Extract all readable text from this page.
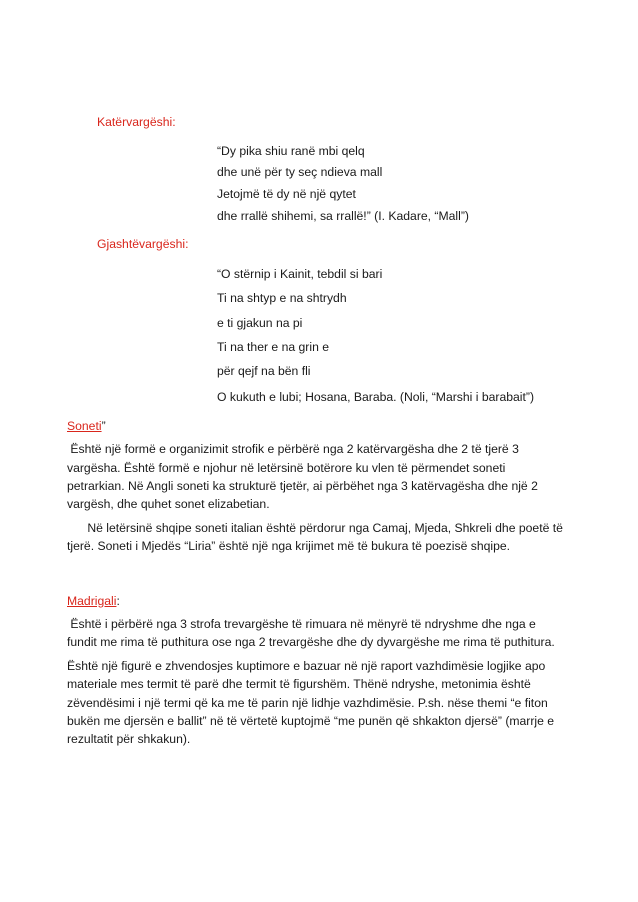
Katërvargëshi:
“Dy pika shiu ranë mbi qelq
dhe unë për ty seç ndieva mall
Jetojmë të dy në një qytet
dhe rrallë shihemi, sa rrallë!” (I. Kadare, “Mall”)
Gjashtëvargëshi:
“O stërnip i Kainit, tebdil si bari
Ti na shtyp e na shtrydh
e ti gjakun na pi
Ti na ther e na grin e
për qejf na bën fli
O kukuth e lubi; Hosana, Baraba. (Noli, “Marshi i barabait”)
Soneti”
Është një formë e organizimit strofik e përbërë nga 2 katërvargësha dhe 2 të tjerë 3
vargësha. Është formë e njohur në letërsinë botërore ku vlen të përmendet soneti
petrarkian. Në Angli soneti ka strukturë tjetër, ai përbëhet nga 3 katërvagësha dhe një 2
vargësh, dhe quhet sonet elizabetian.
Në letërsinë shqipe soneti italian është përdorur nga Camaj, Mjeda, Shkreli dhe poetë të
tjerë. Soneti i Mjedës “Liria” është një nga krijimet më të bukura të poezisë shqipe.
Madrigali:
Është i përbërë nga 3 strofa trevargëshe të rimuara në mënyrë të ndryshme dhe nga e
fundit me rima të puthitura ose nga 2 trevargëshe dhe dy dyvargëshe me rima të puthitura.
Është një figurë e zhvendosjes kuptimore e bazuar në një raport vazhdimësie logjike apo
materiale mes termit të parë dhe termit të figurshëm. Thënë ndryshe, metonimia është
zëvendësimi i një termi që ka me të parin një lidhje vazhdimësie. P.sh. nëse themi “e fiton
bukën me djersën e ballit” në të vërtetë kuptojmë “me punën që shkakton djersë” (marrje e
rezultatit për shkakun).
